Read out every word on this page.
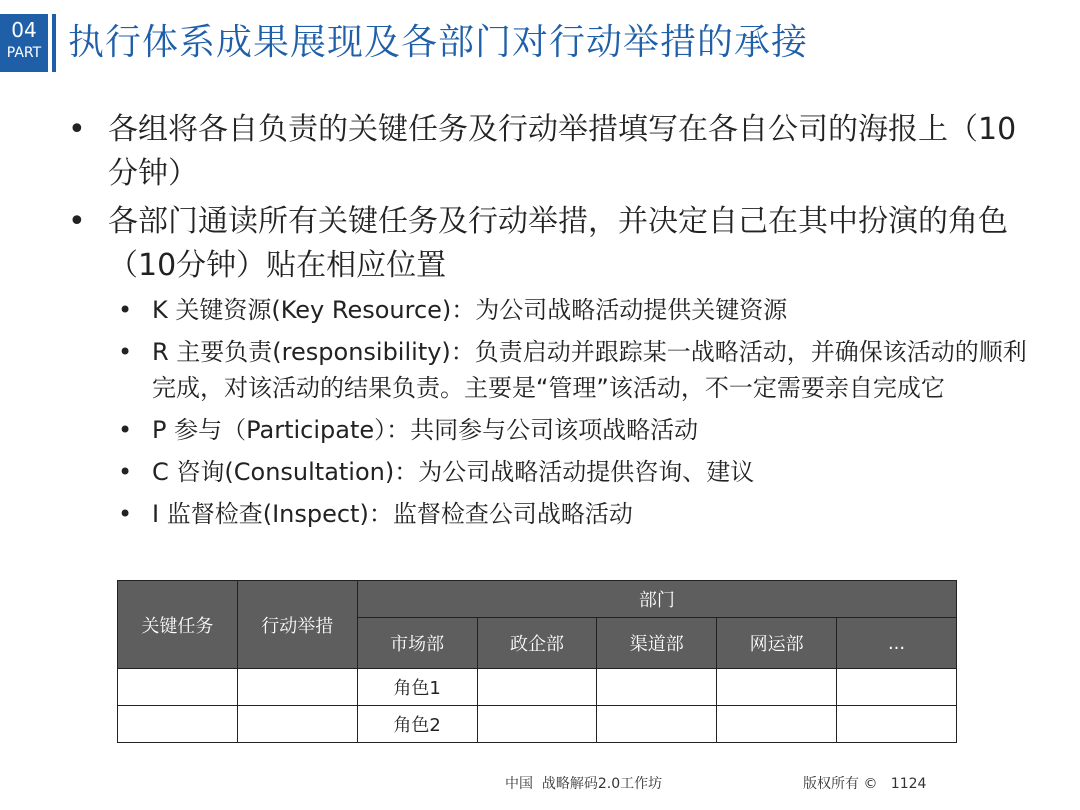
04
PART 执行体系成果展现及各部门对行动举措的承接
• 各组将各自负责的关键任务及行动举措填写在各自公司的海报上（10分钟）
• 各部门通读所有关键任务及行动举措，并决定自己在其中扮演的角色（10分钟）贴在相应位置
• K 关键资源(Key Resource)：为公司战略活动提供关键资源
• R 主要负责(responsibility)：负责启动并跟踪某一战略活动，并确保该活动的顺利完成，对该活动的结果负责。主要是“管理”该活动，不一定需要亲自完成它
• P 参与（Participate）：共同参与公司该项战略活动
• C 咨询(Consultation)：为公司战略活动提供咨询、建议
• I 监督检查(Inspect)：监督检查公司战略活动
关键任务	行动举措	部门				
		市场部	政企部	渠道部	网运部	...
		角色1				
		角色2				
中国  战略解码2.0工作坊	版权所有 ©   1124
